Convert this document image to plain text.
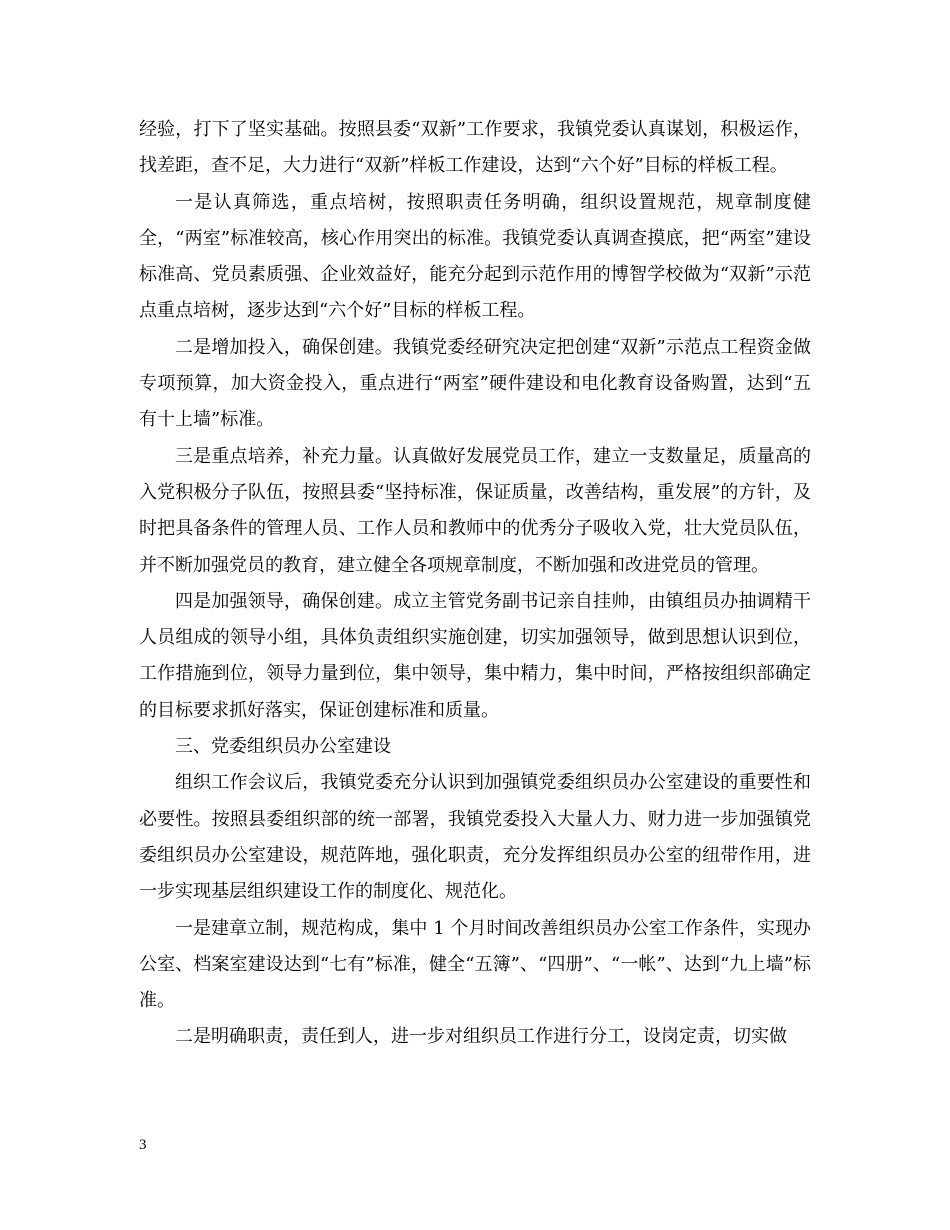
经验，打下了坚实基础。按照县委“双新”工作要求，我镇党委认真谋划，积极运作，找差距，查不足，大力进行“双新”样板工作建设，达到“六个好”目标的样板工程。

一是认真筛选，重点培树，按照职责任务明确，组织设置规范，规章制度健全，“两室”标准较高，核心作用突出的标准。我镇党委认真调查摸底，把“两室”建设标准高、党员素质强、企业效益好，能充分起到示范作用的博智学校做为“双新”示范点重点培树，逐步达到“六个好”目标的样板工程。

二是增加投入，确保创建。我镇党委经研究决定把创建“双新”示范点工程资金做专项预算，加大资金投入，重点进行“两室”硬件建设和电化教育设备购置，达到“五有十上墙”标准。

三是重点培养，补充力量。认真做好发展党员工作，建立一支数量足，质量高的入党积极分子队伍，按照县委“坚持标准，保证质量，改善结构，重发展”的方针，及时把具备条件的管理人员、工作人员和教师中的优秀分子吸收入党，壮大党员队伍，并不断加强党员的教育，建立健全各项规章制度，不断加强和改进党员的管理。

四是加强领导，确保创建。成立主管党务副书记亲自挂帅，由镇组员办抽调精干人员组成的领导小组，具体负责组织实施创建，切实加强领导，做到思想认识到位，工作措施到位，领导力量到位，集中领导，集中精力，集中时间，严格按组织部确定的目标要求抓好落实，保证创建标准和质量。

三、党委组织员办公室建设

组织工作会议后，我镇党委充分认识到加强镇党委组织员办公室建设的重要性和必要性。按照县委组织部的统一部署，我镇党委投入大量人力、财力进一步加强镇党委组织员办公室建设，规范阵地，强化职责，充分发挥组织员办公室的纽带作用，进一步实现基层组织建设工作的制度化、规范化。

一是建章立制，规范构成，集中 1 个月时间改善组织员办公室工作条件，实现办公室、档案室建设达到“七有”标准，健全“五簿”、“四册”、“一帐”、达到“九上墙”标准。

二是明确职责，责任到人，进一步对组织员工作进行分工，设岗定责，切实做

3
